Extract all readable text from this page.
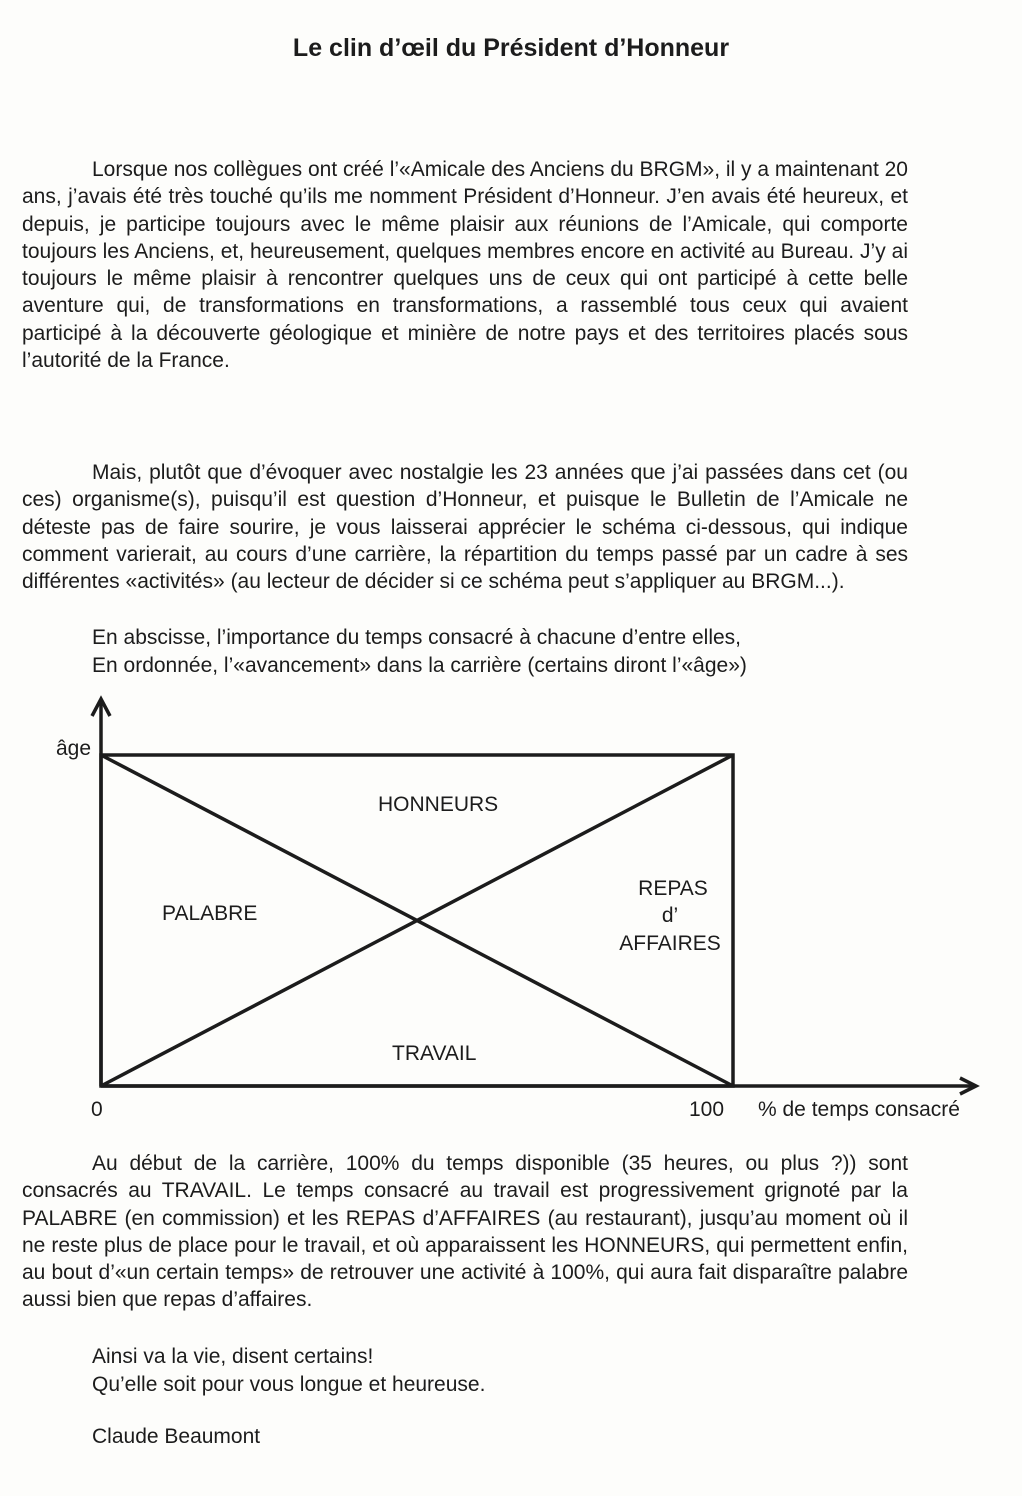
Le clin d’œil du Président d’Honneur

Lorsque nos collègues ont créé l’«Amicale des Anciens du BRGM», il y a maintenant 20 ans, j’avais été très touché qu’ils me nomment Président d’Honneur. J’en avais été heureux, et depuis, je participe toujours avec le même plaisir aux réunions de l’Amicale, qui comporte toujours les Anciens, et, heureusement, quelques membres encore en activité au Bureau. J’y ai toujours le même plaisir à rencontrer quelques uns de ceux qui ont participé à cette belle aventure qui, de transformations en transformations, a rassemblé tous ceux qui avaient participé à la découverte géologique et minière de notre pays et des territoires placés sous l’autorité de la France.

Mais, plutôt que d’évoquer avec nostalgie les 23 années que j’ai passées dans cet (ou ces) organisme(s), puisqu’il est question d’Honneur, et puisque le Bulletin de l’Amicale ne déteste pas de faire sourire, je vous laisserai apprécier le schéma ci-dessous, qui indique comment varierait, au cours d’une carrière, la répartition du temps passé par un cadre à ses différentes «activités» (au lecteur de décider si ce schéma peut s’appliquer au BRGM...).

En abscisse, l’importance du temps consacré à chacune d’entre elles,
En ordonnée, l’«avancement» dans la carrière (certains diront l’«âge»)
âge
0	100 % de temps consacré
HONNEURS
PALABRE
REPAS
d’
AFFAIRES
TRAVAIL

Au début de la carrière, 100% du temps disponible (35 heures, ou plus ?)) sont consacrés au TRAVAIL. Le temps consacré au travail est progressivement grignoté par la PALABRE (en commission) et les REPAS d’AFFAIRES (au restaurant), jusqu’au moment où il ne reste plus de place pour le travail, et où apparaissent les HONNEURS, qui permettent enfin, au bout d’«un certain temps» de retrouver une activité à 100%, qui aura fait disparaître palabre aussi bien que repas d’affaires.

Ainsi va la vie, disent certains!
Qu’elle soit pour vous longue et heureuse.
Claude Beaumont
